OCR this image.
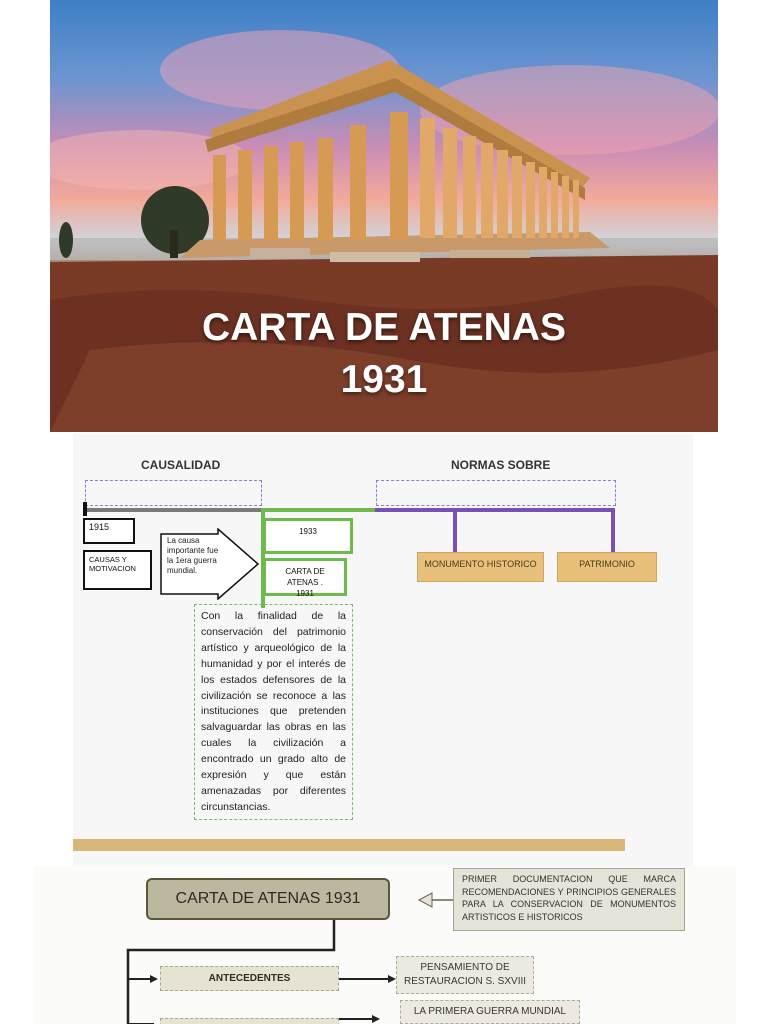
CARTA DE ATENAS
1931
CAUSALIDAD	NORMAS SOBRE
1915
CAUSAS Y MOTIVACION
La causa importante fue la 1era guerra mundial.
1933
CARTA DE ATENAS . 1931
MONUMENTO HISTORICO	PATRIMONIO
Con la finalidad de la conservación del patrimonio artístico y arqueológico de la humanidad y por el interés de los estados defensores de la civilización se reconoce a las instituciones que pretenden salvaguardar las obras en las cuales la civilización a encontrado un grado alto de expresión y que están amenazadas por diferentes circunstancias.
CARTA DE ATENAS 1931
PRIMER DOCUMENTACION QUE MARCA RECOMENDACIONES Y PRINCIPIOS GENERALES PARA LA CONSERVACION DE MONUMENTOS ARTISTICOS E HISTORICOS
ANTECEDENTES
PENSAMIENTO DE
RESTAURACION S. SXVIII
LA PRIMERA GUERRA MUNDIAL
